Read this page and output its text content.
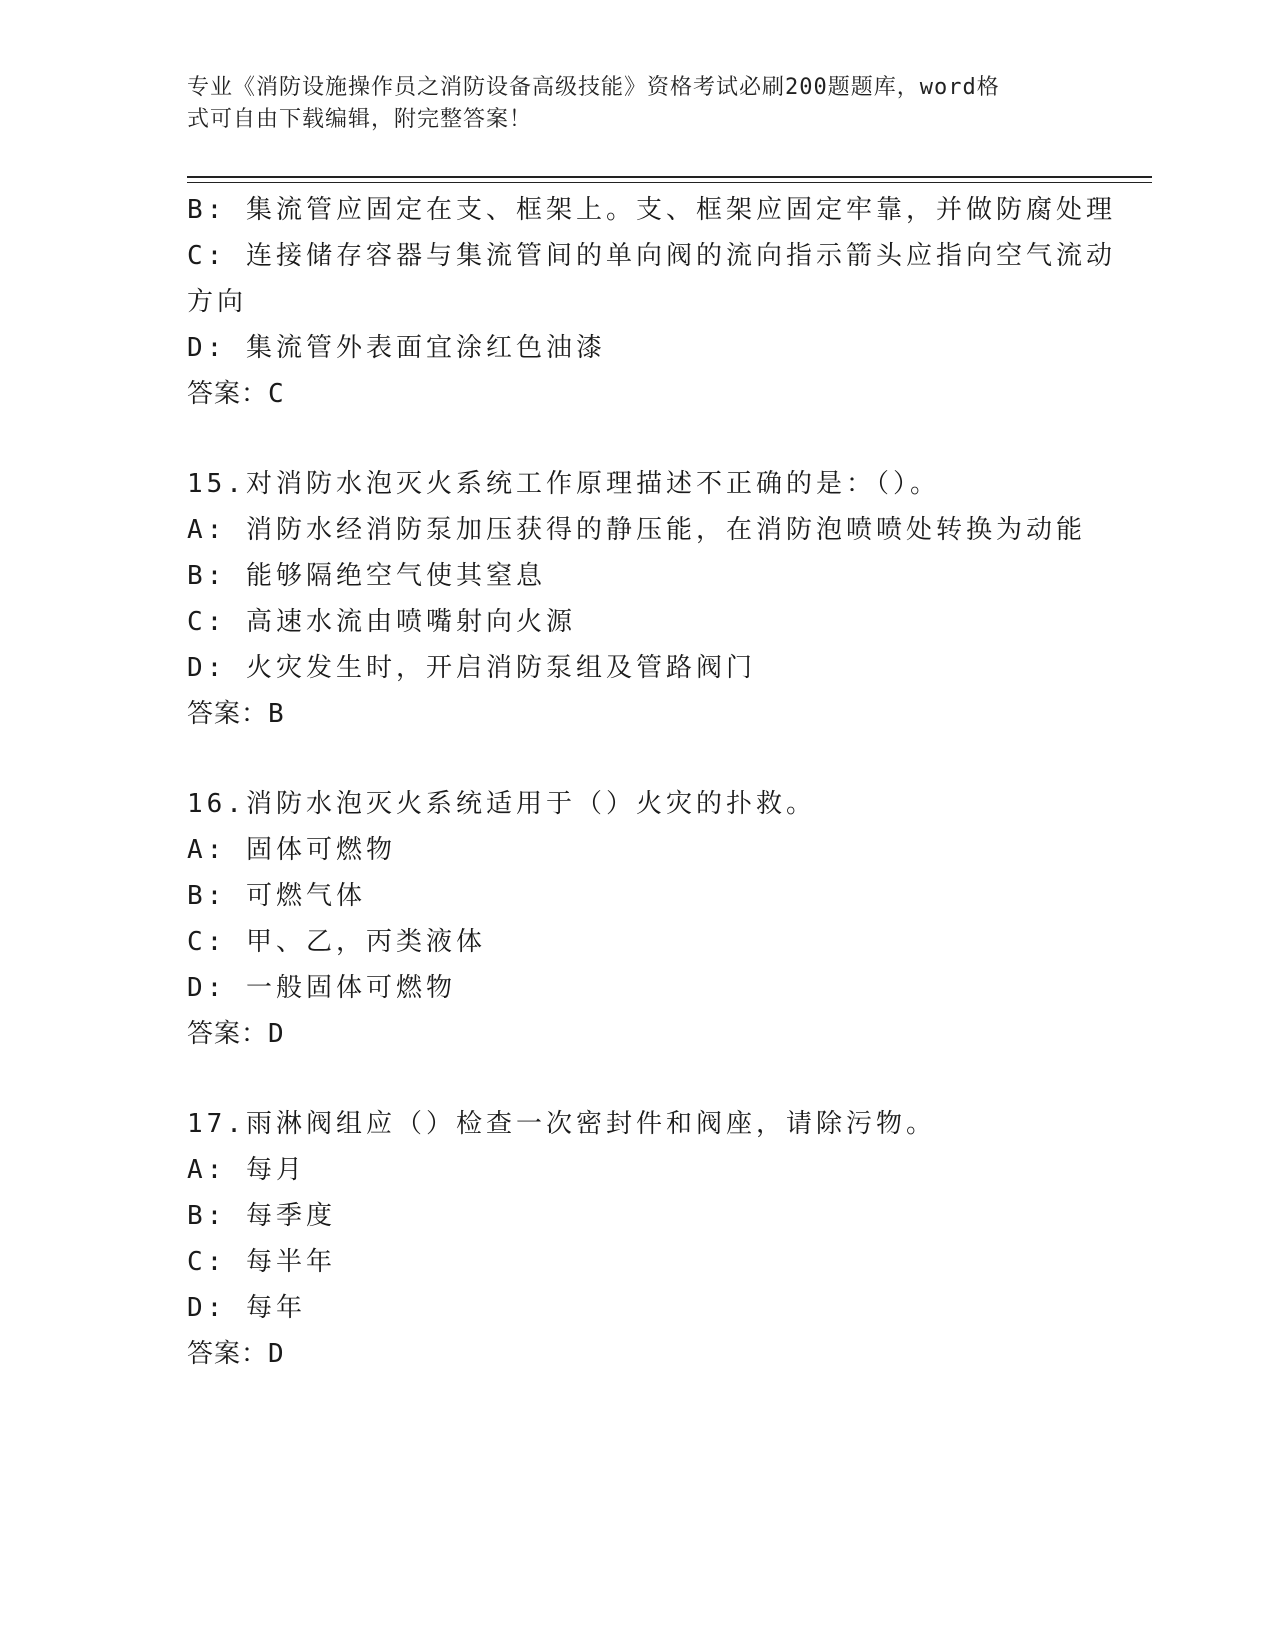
专业《消防设施操作员之消防设备高级技能》资格考试必刷200题题库，word格
式可自由下载编辑，附完整答案！
B: 集流管应固定在支、框架上。支、框架应固定牢靠，并做防腐处理
C: 连接储存容器与集流管间的单向阀的流向指示箭头应指向空气流动
方向
D: 集流管外表面宜涂红色油漆
答案：C
15.对消防水泡灭火系统工作原理描述不正确的是：（）。
A: 消防水经消防泵加压获得的静压能，在消防泡喷喷处转换为动能
B: 能够隔绝空气使其窒息
C: 高速水流由喷嘴射向火源
D: 火灾发生时，开启消防泵组及管路阀门
答案：B
16.消防水泡灭火系统适用于（）火灾的扑救。
A: 固体可燃物
B: 可燃气体
C: 甲、乙，丙类液体
D: 一般固体可燃物
答案：D
17.雨淋阀组应（）检查一次密封件和阀座，请除污物。
A: 每月
B: 每季度
C: 每半年
D: 每年
答案：D
